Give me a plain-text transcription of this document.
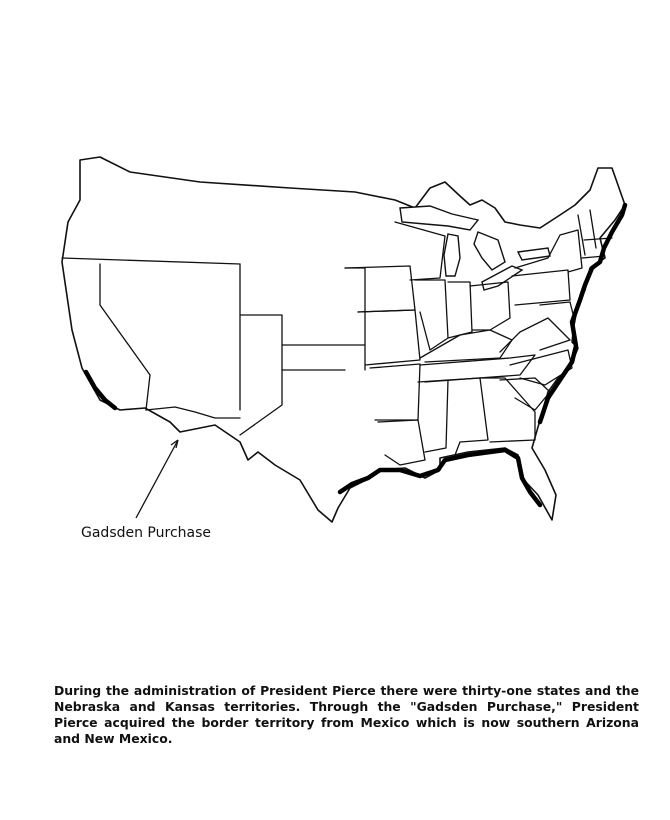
Gadsden Purchase

During the administration of President Pierce there were thirty-one states and the Nebraska and Kansas territories. Through the "Gadsden Purchase," President Pierce acquired the border territory from Mexico which is now southern Arizona and New Mexico.
